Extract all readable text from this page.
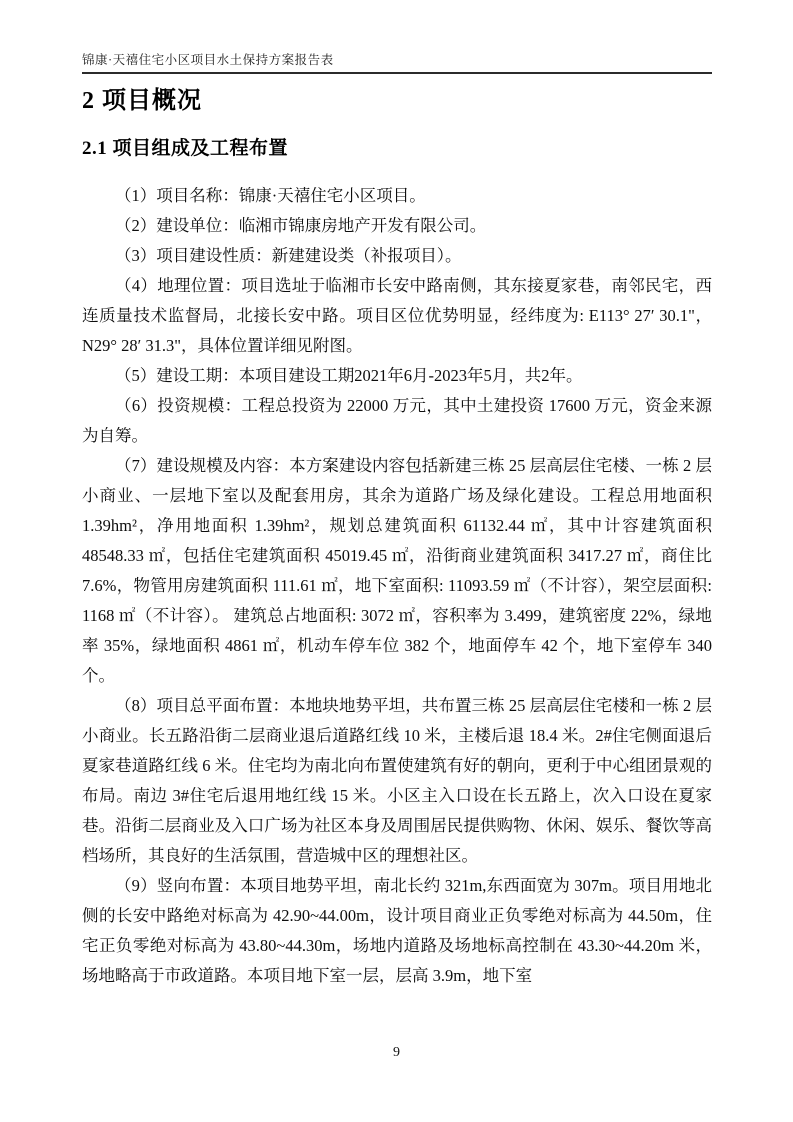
锦康·天禧住宅小区项目水土保持方案报告表
2 项目概况
2.1 项目组成及工程布置

（1）项目名称：锦康·天禧住宅小区项目。

（2）建设单位：临湘市锦康房地产开发有限公司。

（3）项目建设性质：新建建设类（补报项目）。

（4）地理位置：项目选址于临湘市长安中路南侧，其东接夏家巷，南邻民宅，西连质量技术监督局，北接长安中路。项目区位优势明显，经纬度为: E113° 27′ 30.1"，N29° 28′ 31.3"，具体位置详细见附图。

（5）建设工期：本项目建设工期2021年6月-2023年5月，共2年。

（6）投资规模：工程总投资为 22000 万元，其中土建投资 17600 万元，资金来源为自筹。

（7）建设规模及内容：本方案建设内容包括新建三栋 25 层高层住宅楼、一栋 2 层小商业、一层地下室以及配套用房，其余为道路广场及绿化建设。工程总用地面积 1.39hm²，净用地面积 1.39hm²，规划总建筑面积 61132.44 ㎡，其中计容建筑面积 48548.33 ㎡，包括住宅建筑面积 45019.45 ㎡，沿街商业建筑面积 3417.27 ㎡，商住比 7.6%，物管用房建筑面积 111.61 ㎡，地下室面积: 11093.59 ㎡（不计容），架空层面积: 1168 ㎡（不计容）。 建筑总占地面积: 3072 ㎡，容积率为 3.499，建筑密度 22%，绿地率 35%，绿地面积 4861 ㎡，机动车停车位 382 个，地面停车 42 个，地下室停车 340 个。

（8）项目总平面布置：本地块地势平坦，共布置三栋 25 层高层住宅楼和一栋 2 层小商业。长五路沿街二层商业退后道路红线 10 米，主楼后退 18.4 米。2#住宅侧面退后夏家巷道路红线 6 米。住宅均为南北向布置使建筑有好的朝向，更利于中心组团景观的布局。南边 3#住宅后退用地红线 15 米。小区主入口设在长五路上，次入口设在夏家巷。沿街二层商业及入口广场为社区本身及周围居民提供购物、休闲、娱乐、餐饮等高档场所，其良好的生活氛围，营造城中区的理想社区。

（9）竖向布置：本项目地势平坦，南北长约 321m,东西面宽为 307m。项目用地北侧的长安中路绝对标高为 42.90~44.00m，设计项目商业正负零绝对标高为 44.50m，住宅正负零绝对标高为 43.80~44.30m，场地内道路及场地标高控制在 43.30~44.20m 米，场地略高于市政道路。本项目地下室一层，层高 3.9m，地下室

9
